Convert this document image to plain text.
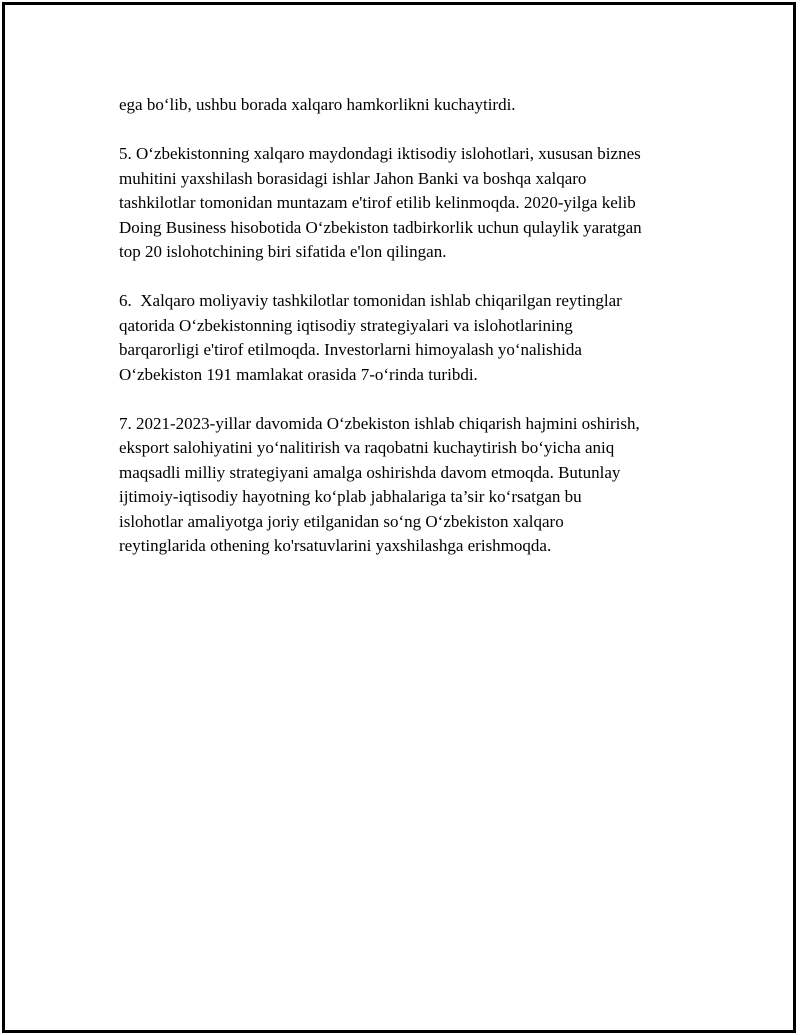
ega bo‘lib, ushbu borada xalqaro hamkorlikni kuchaytirdi.

5. O‘zbekistonning xalqaro maydondagi iktisodiy islohotlari, xususan biznes
muhitini yaxshilash borasidagi ishlar Jahon Banki va boshqa xalqaro
tashkilotlar tomonidan muntazam e'tirof etilib kelinmoqda. 2020-yilga kelib
Doing Business hisobotida O‘zbekiston tadbirkorlik uchun qulaylik yaratgan
top 20 islohotchining biri sifatida e'lon qilingan.

6.  Xalqaro moliyaviy tashkilotlar tomonidan ishlab chiqarilgan reytinglar
qatorida O‘zbekistonning iqtisodiy strategiyalari va islohotlarining
barqarorligi e'tirof etilmoqda. Investorlarni himoyalash yo‘nalishida
O‘zbekiston 191 mamlakat orasida 7-o‘rinda turibdi.

7. 2021-2023-yillar davomida O‘zbekiston ishlab chiqarish hajmini oshirish,
eksport salohiyatini yo‘nalitirish va raqobatni kuchaytirish bo‘yicha aniq
maqsadli milliy strategiyani amalga oshirishda davom etmoqda. Butunlay
ijtimoiy-iqtisodiy hayotning ko‘plab jabhalariga ta’sir ko‘rsatgan bu
islohotlar amaliyotga joriy etilganidan so‘ng O‘zbekiston xalqaro
reytinglarida othening ko'rsatuvlarini yaxshilashga erishmoqda.
